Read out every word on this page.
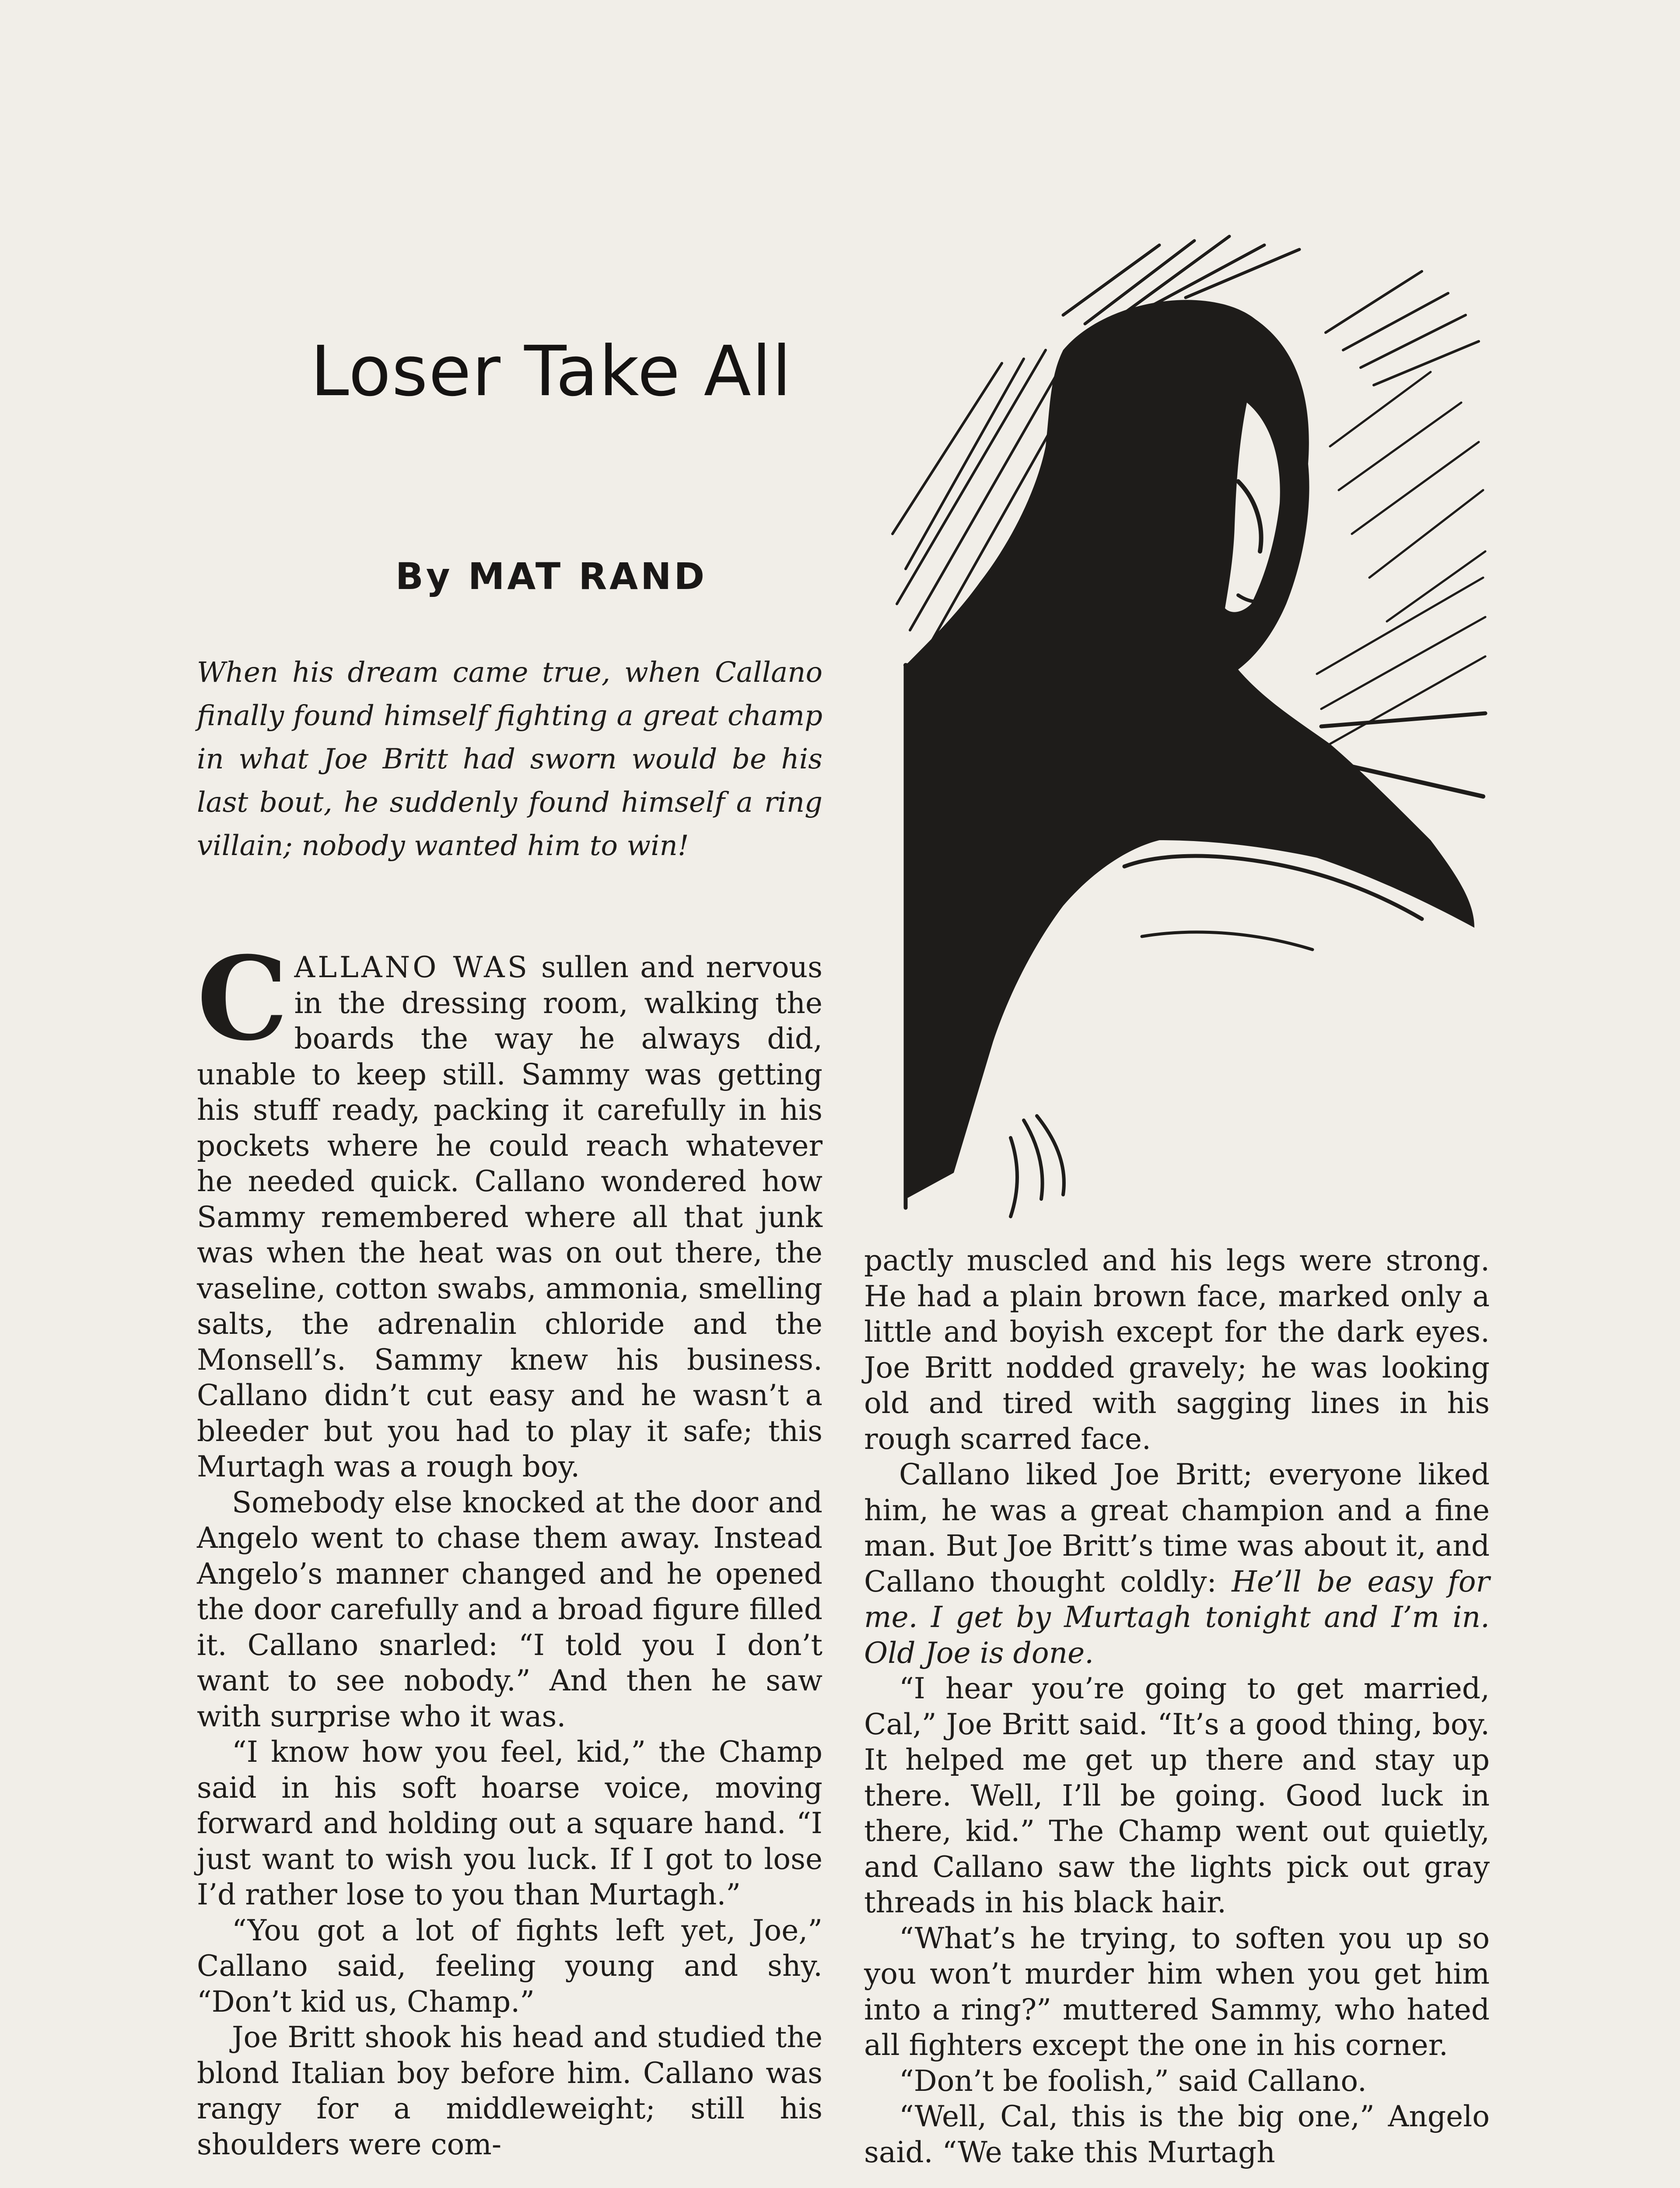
Loser Take All
By MAT RAND

When his dream came true, when Callano finally found himself fighting a great champ in what Joe Britt had sworn would be his last bout, he suddenly found himself a ring villain; nobody wanted him to win!

CALLANO WAS sullen and nervous in the dressing room, walking the boards the way he always did, unable to keep still. Sammy was getting his stuff ready, packing it carefully in his pockets where he could reach whatever he needed quick. Callano wondered how Sammy remembered where all that junk was when the heat was on out there, the vaseline, cotton swabs, ammonia, smelling salts, the adrenalin chloride and the Monsell’s. Sammy knew his business. Callano didn’t cut easy and he wasn’t a bleeder but you had to play it safe; this Murtagh was a rough boy.

Somebody else knocked at the door and Angelo went to chase them away. Instead Angelo’s manner changed and he opened the door carefully and a broad figure filled it. Callano snarled: “I told you I don’t want to see nobody.” And then he saw with surprise who it was.

“I know how you feel, kid,” the Champ said in his soft hoarse voice, moving forward and holding out a square hand. “I just want to wish you luck. If I got to lose I’d rather lose to you than Murtagh.”

“You got a lot of fights left yet, Joe,” Callano said, feeling young and shy. “Don’t kid us, Champ.”

Joe Britt shook his head and studied the blond Italian boy before him. Callano was rangy for a middleweight; still his shoulders were com-

pactly muscled and his legs were strong. He had a plain brown face, marked only a little and boyish except for the dark eyes. Joe Britt nodded gravely; he was looking old and tired with sagging lines in his rough scarred face.

Callano liked Joe Britt; everyone liked him, he was a great champion and a fine man. But Joe Britt’s time was about it, and Callano thought coldly: He’ll be easy for me. I get by Murtagh tonight and I’m in. Old Joe is done.

“I hear you’re going to get married, Cal,” Joe Britt said. “It’s a good thing, boy. It helped me get up there and stay up there. Well, I’ll be going. Good luck in there, kid.” The Champ went out quietly, and Callano saw the lights pick out gray threads in his black hair.

“What’s he trying, to soften you up so you won’t murder him when you get him into a ring?” muttered Sammy, who hated all fighters except the one in his corner.

“Don’t be foolish,” said Callano.

“Well, Cal, this is the big one,” Angelo said. “We take this Murtagh
